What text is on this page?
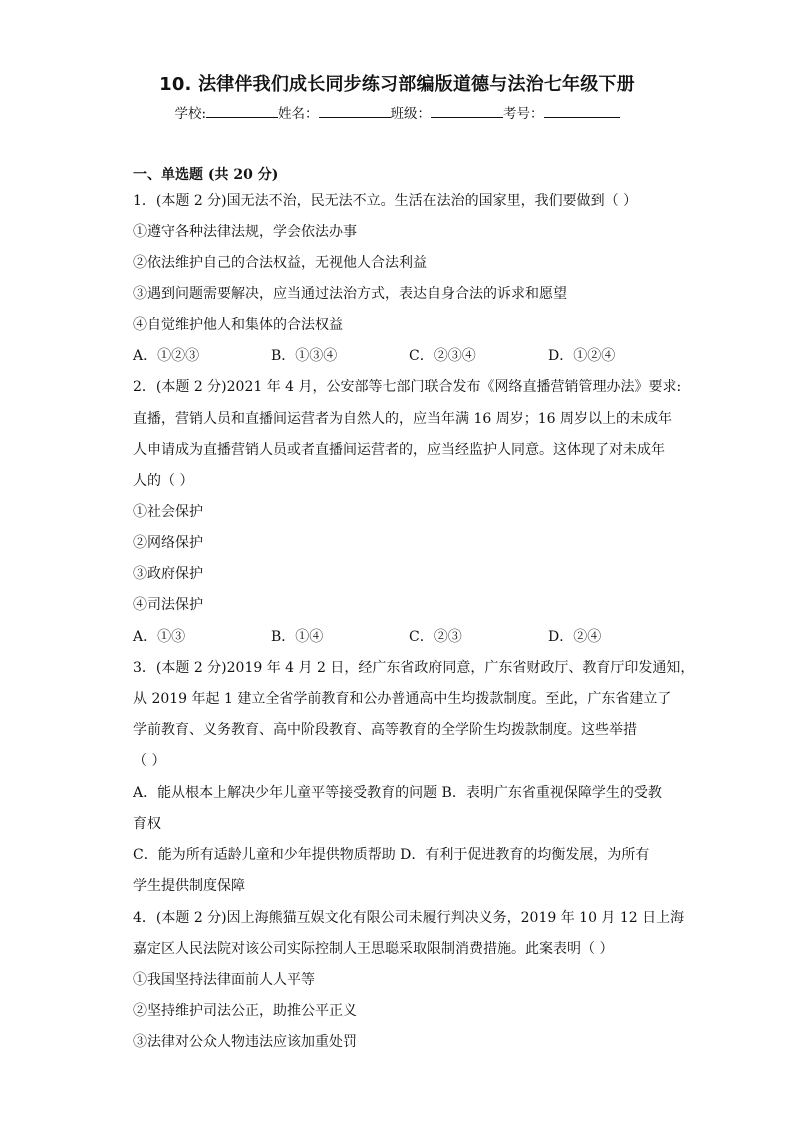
10. 法律伴我们成长同步练习部编版道德与法治七年级下册
学校:	姓名：	班级：	考号：
一、单选题 (共 20 分)
1．(本题 2 分)国无法不治，民无法不立。生活在法治的国家里，我们要做到（ ）
①遵守各种法律法规，学会依法办事
②依法维护自己的合法权益，无视他人合法利益
③遇到问题需要解决，应当通过法治方式，表达自身合法的诉求和愿望
④自觉维护他人和集体的合法权益
A．①②③	B．①③④	C．②③④	D．①②④
2．(本题 2 分)2021 年 4 月，公安部等七部门联合发布《网络直播营销管理办法》要求:
直播，营销人员和直播间运营者为自然人的，应当年满 16 周岁；16 周岁以上的未成年
人申请成为直播营销人员或者直播间运营者的，应当经监护人同意。这体现了对未成年
人的（ ）
①社会保护
②网络保护
③政府保护
④司法保护
A．①③	B．①④	C．②③	D．②④
3．(本题 2 分)2019 年 4 月 2 日，经广东省政府同意，广东省财政厅、教育厅印发通知，
从 2019 年起 1 建立全省学前教育和公办普通高中生均拨款制度。至此，广东省建立了
学前教育、义务教育、高中阶段教育、高等教育的全学阶生均拨款制度。这些举措
（ ）
A．能从根本上解决少年儿童平等接受教育的问题 B．表明广东省重视保障学生的受教
育权
C．能为所有适龄儿童和少年提供物质帮助 D．有利于促进教育的均衡发展，为所有
学生提供制度保障
4．(本题 2 分)因上海熊猫互娱文化有限公司未履行判决义务，2019 年 10 月 12 日上海
嘉定区人民法院对该公司实际控制人王思聪采取限制消费措施。此案表明（ ）
①我国坚持法律面前人人平等
②坚持维护司法公正，助推公平正义
③法律对公众人物违法应该加重处罚
